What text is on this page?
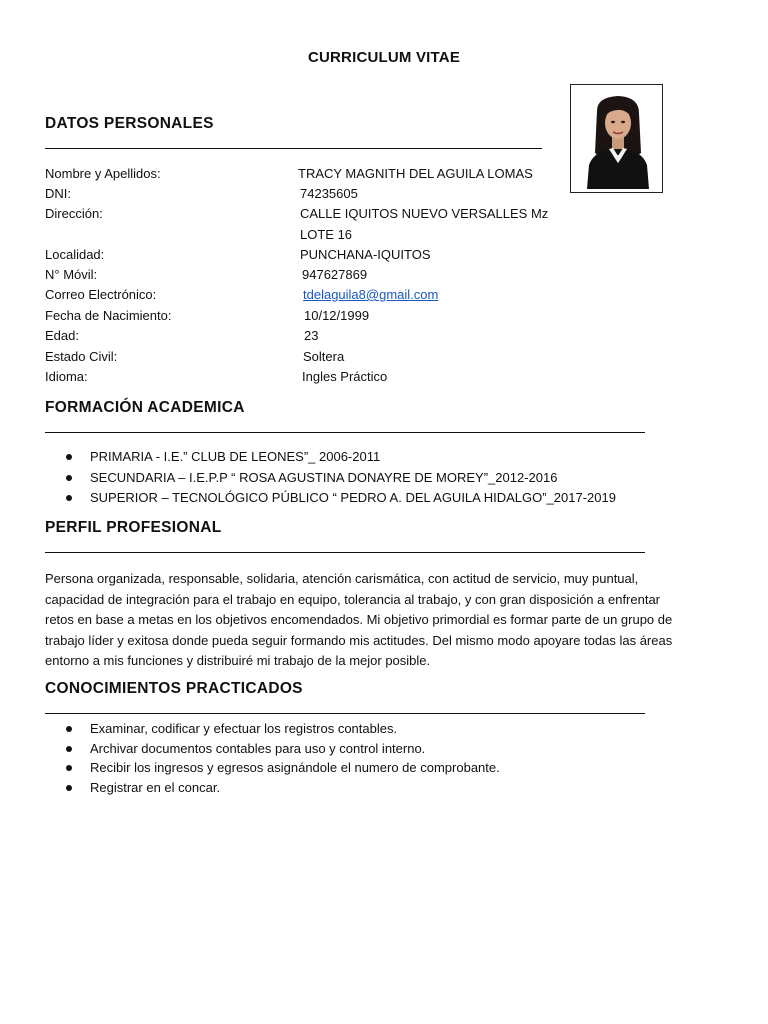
CURRICULUM VITAE
DATOS PERSONALES
Nombre y Apellidos:	TRACY MAGNITH DEL AGUILA LOMAS
DNI:	74235605
Dirección:	CALLE IQUITOS NUEVO VERSALLES Mz
LOTE 16
Localidad:	PUNCHANA-IQUITOS
N° Móvil:	947627869
Correo Electrónico:	tdelaguila8@gmail.com
Fecha de Nacimiento:	10/12/1999
Edad:	23
Estado Civil:	Soltera
Idioma:	Ingles Práctico
FORMACIÓN ACADEMICA
PRIMARIA - I.E.” CLUB DE LEONES”_ 2006-2011
SECUNDARIA – I.E.P.P “ ROSA AGUSTINA DONAYRE DE MOREY”_2012-2016
SUPERIOR – TECNOLÓGICO PÚBLICO “ PEDRO A. DEL AGUILA HIDALGO”_2017-2019
PERFIL PROFESIONAL

Persona organizada, responsable, solidaria, atención carismática, con actitud de servicio, muy puntual,
capacidad de integración para el trabajo en equipo, tolerancia al trabajo, y con gran disposición a enfrentar
retos en base a metas en los objetivos encomendados. Mi objetivo primordial es formar parte de un grupo de
trabajo líder y exitosa donde pueda seguir formando mis actitudes. Del mismo modo apoyare todas las áreas
entorno a mis funciones y distribuiré mi trabajo de la mejor posible.

CONOCIMIENTOS PRACTICADOS
Examinar, codificar y efectuar los registros contables.
Archivar documentos contables para uso y control interno.
Recibir los ingresos y egresos asignándole el numero de comprobante.
Registrar en el concar.
